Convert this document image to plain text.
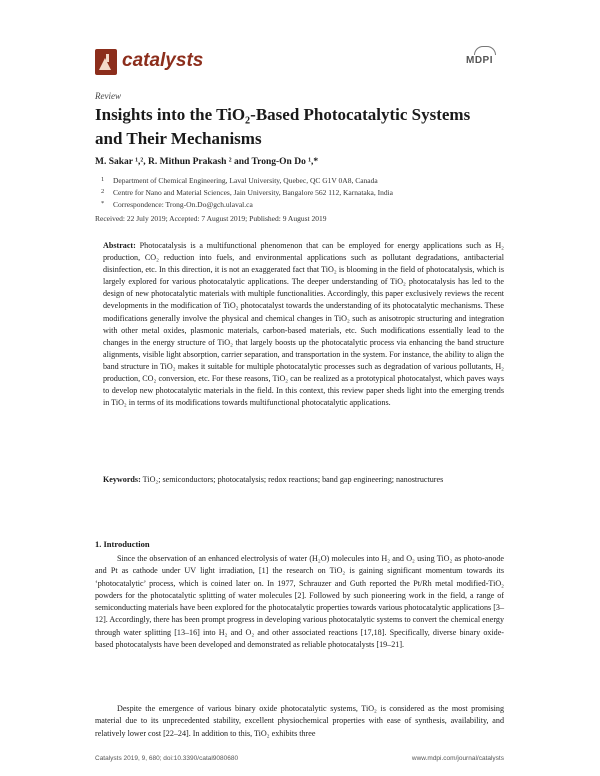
catalysts	MDPI
Review
Insights into the TiO₂-Based Photocatalytic Systems
and Their Mechanisms
M. Sakar ¹,², R. Mithun Prakash ² and Trong-On Do ¹,*
1 Department of Chemical Engineering, Laval University, Quebec, QC G1V 0A8, Canada
2 Centre for Nano and Material Sciences, Jain University, Bangalore 562 112, Karnataka, India
* Correspondence: Trong-On.Do@gch.ulaval.ca
Received: 22 July 2019; Accepted: 7 August 2019; Published: 9 August 2019
Abstract: Photocatalysis is a multifunctional phenomenon that can be employed for energy applications such as H₂ production, CO₂ reduction into fuels, and environmental applications such as pollutant degradations, antibacterial disinfection, etc. In this direction, it is not an exaggerated fact that TiO₂ is blooming in the field of photocatalysis, which is largely explored for various photocatalytic applications. The deeper understanding of TiO₂ photocatalysis has led to the design of new photocatalytic materials with multiple functionalities. Accordingly, this paper exclusively reviews the recent developments in the modification of TiO₂ photocatalyst towards the understanding of its photocatalytic mechanisms. These modifications generally involve the physical and chemical changes in TiO₂ such as anisotropic structuring and integration with other metal oxides, plasmonic materials, carbon-based materials, etc. Such modifications essentially lead to the changes in the energy structure of TiO₂ that largely boosts up the photocatalytic process via enhancing the band structure alignments, visible light absorption, carrier separation, and transportation in the system. For instance, the ability to align the band structure in TiO₂ makes it suitable for multiple photocatalytic processes such as degradation of various pollutants, H₂ production, CO₂ conversion, etc. For these reasons, TiO₂ can be realized as a prototypical photocatalyst, which paves ways to develop new photocatalytic materials in the field. In this context, this review paper sheds light into the emerging trends in TiO₂ in terms of its modifications towards multifunctional photocatalytic applications.
Keywords: TiO₂; semiconductors; photocatalysis; redox reactions; band gap engineering; nanostructures
1. Introduction
Since the observation of an enhanced electrolysis of water (H₂O) molecules into H₂ and O₂ using TiO₂ as photo-anode and Pt as cathode under UV light irradiation, [1] the research on TiO₂ is gaining significant momentum towards its ‘photocatalytic’ process, which is coined later on. In 1977, Schrauzer and Guth reported the Pt/Rh metal modified-TiO₂ powders for the photocatalytic splitting of water molecules [2]. Followed by such pioneering work in the field, a range of semiconducting materials have been explored for the photocatalytic properties towards various photocatalytic applications [3–12]. Accordingly, there has been prompt progress in developing various photocatalytic systems to convert the chemical energy through water splitting [13–16] into H₂ and O₂ and other associated reactions [17,18]. Specifically, diverse binary oxide-based photocatalysts have been developed and demonstrated as reliable photocatalysts [19–21].
Despite the emergence of various binary oxide photocatalytic systems, TiO₂ is considered as the most promising material due to its unprecedented stability, excellent physiochemical properties with ease of synthesis, availability, and relatively lower cost [22–24]. In addition to this, TiO₂ exhibits three
Catalysts 2019, 9, 680; doi:10.3390/catal9080680	www.mdpi.com/journal/catalysts
